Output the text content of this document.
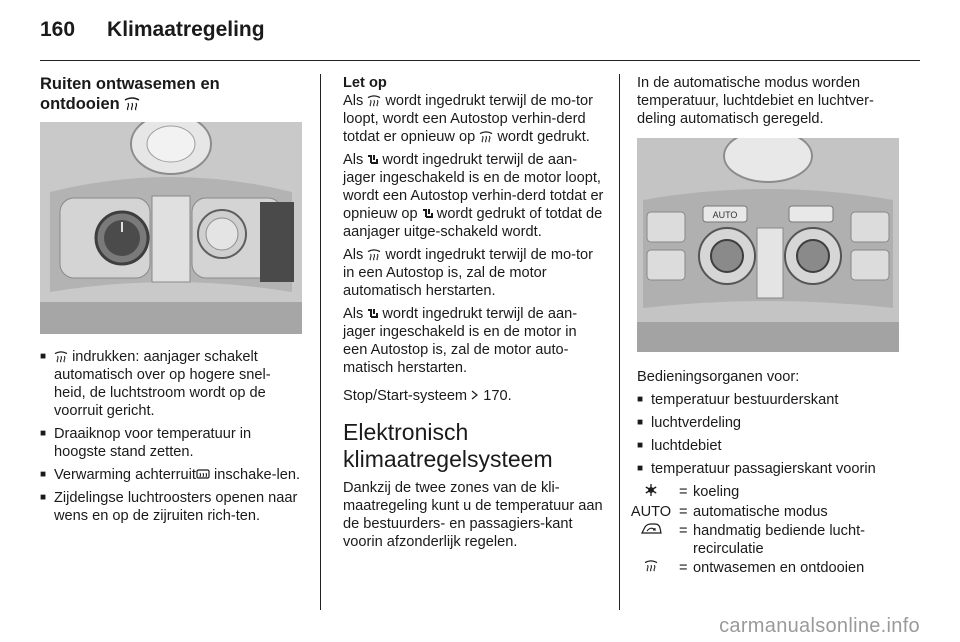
160 Klimaatregeling
Ruiten ontwasemen en
ontdooien
■ indrukken: aanjager schakelt automatisch over op hogere snel-heid, de luchtstroom wordt op de voorruit gericht.
■ Draaiknop voor temperatuur in hoogste stand zetten.
■ Verwarming achterruit
inschake-len.
■ Zijdelingse luchtroosters openen naar wens en op de zijruiten rich-ten.
Let op

Als
wordt ingedrukt terwijl de mo-tor loopt, wordt een Autostop verhin-derd totdat er opnieuw op
wordt gedrukt.

Als
wordt ingedrukt terwijl de aan-jager ingeschakeld is en de motor loopt, wordt een Autostop verhin-derd totdat er opnieuw op
wordt gedrukt of totdat de aanjager uitge-schakeld wordt.

Als
wordt ingedrukt terwijl de mo-tor in een Autostop is, zal de motor automatisch herstarten.

Als
wordt ingedrukt terwijl de aan-jager ingeschakeld is en de motor in een Autostop is, zal de motor auto-matisch herstarten.

Stop/Start-systeem 170.

Elektronisch
klimaatregelsysteem

Dankzij de twee zones van de kli-maatregeling kunt u de temperatuur aan de bestuurders- en passagiers-kant voorin afzonderlijk regelen.

In de automatische modus worden temperatuur, luchtdebiet en luchtver-deling automatisch geregeld.

AUTO

Bedieningsorganen voor:

■ temperatuur bestuurderskant
■ luchtverdeling
■ luchtdebiet
■ temperatuur passagierskant voorin
	=	koeling
AUTO	=	automatische modus

	=	handmatig bediende lucht-recirculatie

	=	ontwasemen en ontdooien
carmanualsonline.info
